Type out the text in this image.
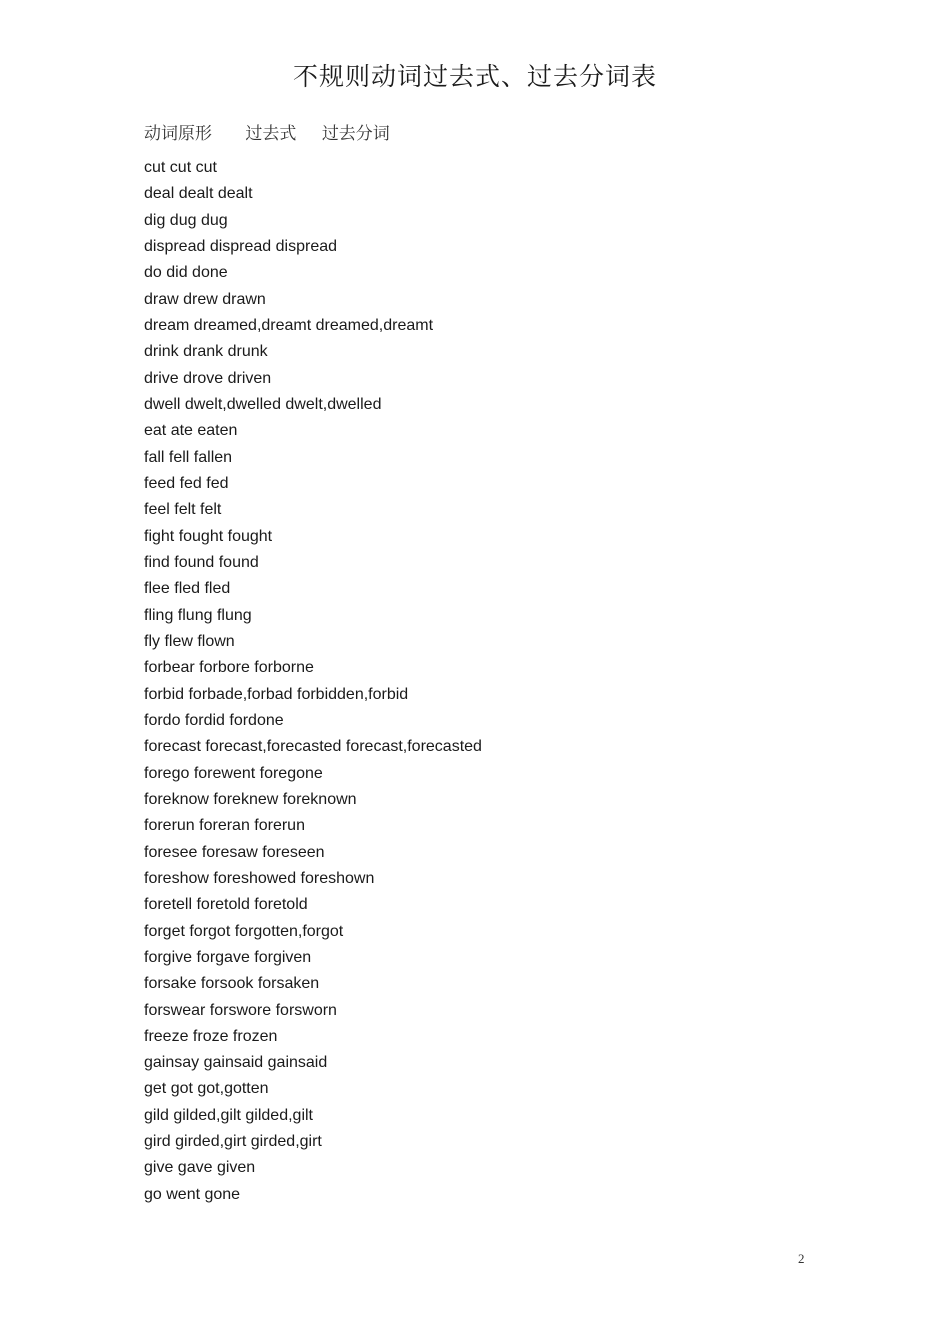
不规则动词过去式、过去分词表
动词原形 过去式 过去分词
cut cut cut
deal dealt dealt
dig dug dug
dispread dispread dispread
do did done
draw drew drawn
dream dreamed,dreamt dreamed,dreamt
drink drank drunk
drive drove driven
dwell dwelt,dwelled dwelt,dwelled
eat ate eaten
fall fell fallen
feed fed fed
feel felt felt
fight fought fought
find found found
flee fled fled
fling flung flung
fly flew flown
forbear forbore forborne
forbid forbade,forbad forbidden,forbid
fordo fordid fordone
forecast forecast,forecasted forecast,forecasted
forego forewent foregone
foreknow foreknew foreknown
forerun foreran forerun
foresee foresaw foreseen
foreshow foreshowed foreshown
foretell foretold foretold
forget forgot forgotten,forgot
forgive forgave forgiven
forsake forsook forsaken
forswear forswore forsworn
freeze froze frozen
gainsay gainsaid gainsaid
get got got,gotten
gild gilded,gilt gilded,gilt
gird girded,girt girded,girt
give gave given
go went gone
2
